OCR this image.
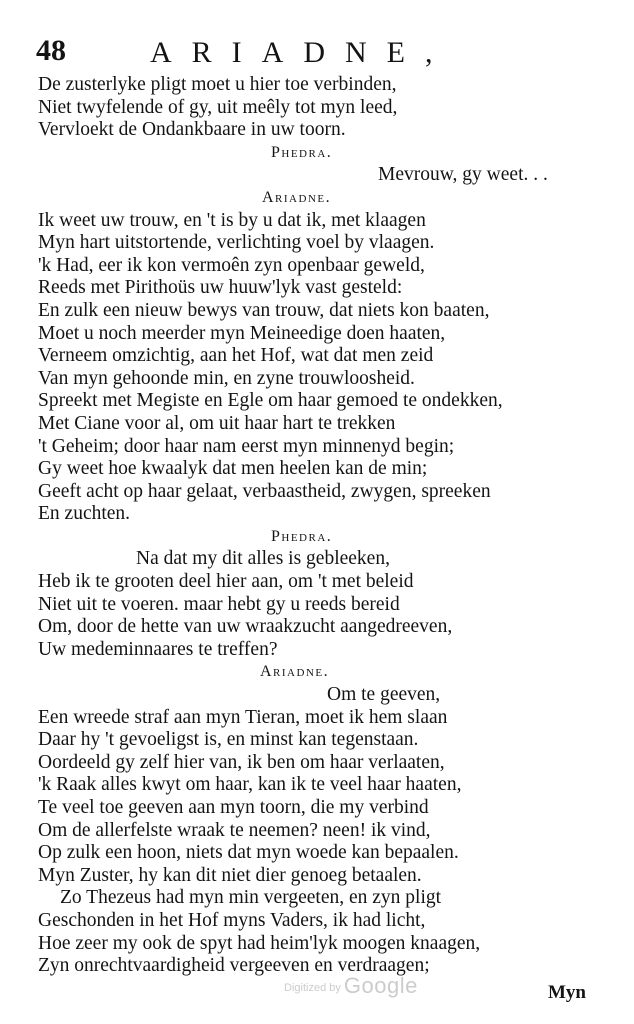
48	ARIADNE,
De zusterlyke pligt moet u hier toe verbinden,
Niet twyfelende of gy, uit meêly tot myn leed,
Vervloekt de Ondankbaare in uw toorn.
Phedra.
Mevrouw, gy weet. . .
Ariadne.
Ik weet uw trouw, en 't is by u dat ik, met klaagen
Myn hart uitstortende, verlichting voel by vlaagen.
'k Had, eer ik kon vermoên zyn openbaar geweld,
Reeds met Pirithoüs uw huuw'lyk vast gesteld:
En zulk een nieuw bewys van trouw, dat niets kon baaten,
Moet u noch meerder myn Meineedige doen haaten,
Verneem omzichtig, aan het Hof, wat dat men zeid
Van myn gehoonde min, en zyne trouwloosheid.
Spreekt met Megiste en Egle om haar gemoed te ondekken,
Met Ciane voor al, om uit haar hart te trekken
't Geheim; door haar nam eerst myn minnenyd begin;
Gy weet hoe kwaalyk dat men heelen kan de min;
Geeft acht op haar gelaat, verbaastheid, zwygen, spreeken
En zuchten.
Phedra.
Na dat my dit alles is gebleeken,
Heb ik te grooten deel hier aan, om 't met beleid
Niet uit te voeren. maar hebt gy u reeds bereid
Om, door de hette van uw wraakzucht aangedreeven,
Uw medeminnaares te treffen?
Ariadne.
Om te geeven,
Een wreede straf aan myn Tieran, moet ik hem slaan
Daar hy 't gevoeligst is, en minst kan tegenstaan.
Oordeeld gy zelf hier van, ik ben om haar verlaaten,
'k Raak alles kwyt om haar, kan ik te veel haar haaten,
Te veel toe geeven aan myn toorn, die my verbind
Om de allerfelste wraak te neemen? neen! ik vind,
Op zulk een hoon, niets dat myn woede kan bepaalen.
Myn Zuster, hy kan dit niet dier genoeg betaalen.
Zo Thezeus had myn min vergeeten, en zyn pligt
Geschonden in het Hof myns Vaders, ik had licht,
Hoe zeer my ook de spyt had heim'lyk moogen knaagen,
Zyn onrechtvaardigheid vergeeven en verdraagen;
Digitized by Google	Myn
